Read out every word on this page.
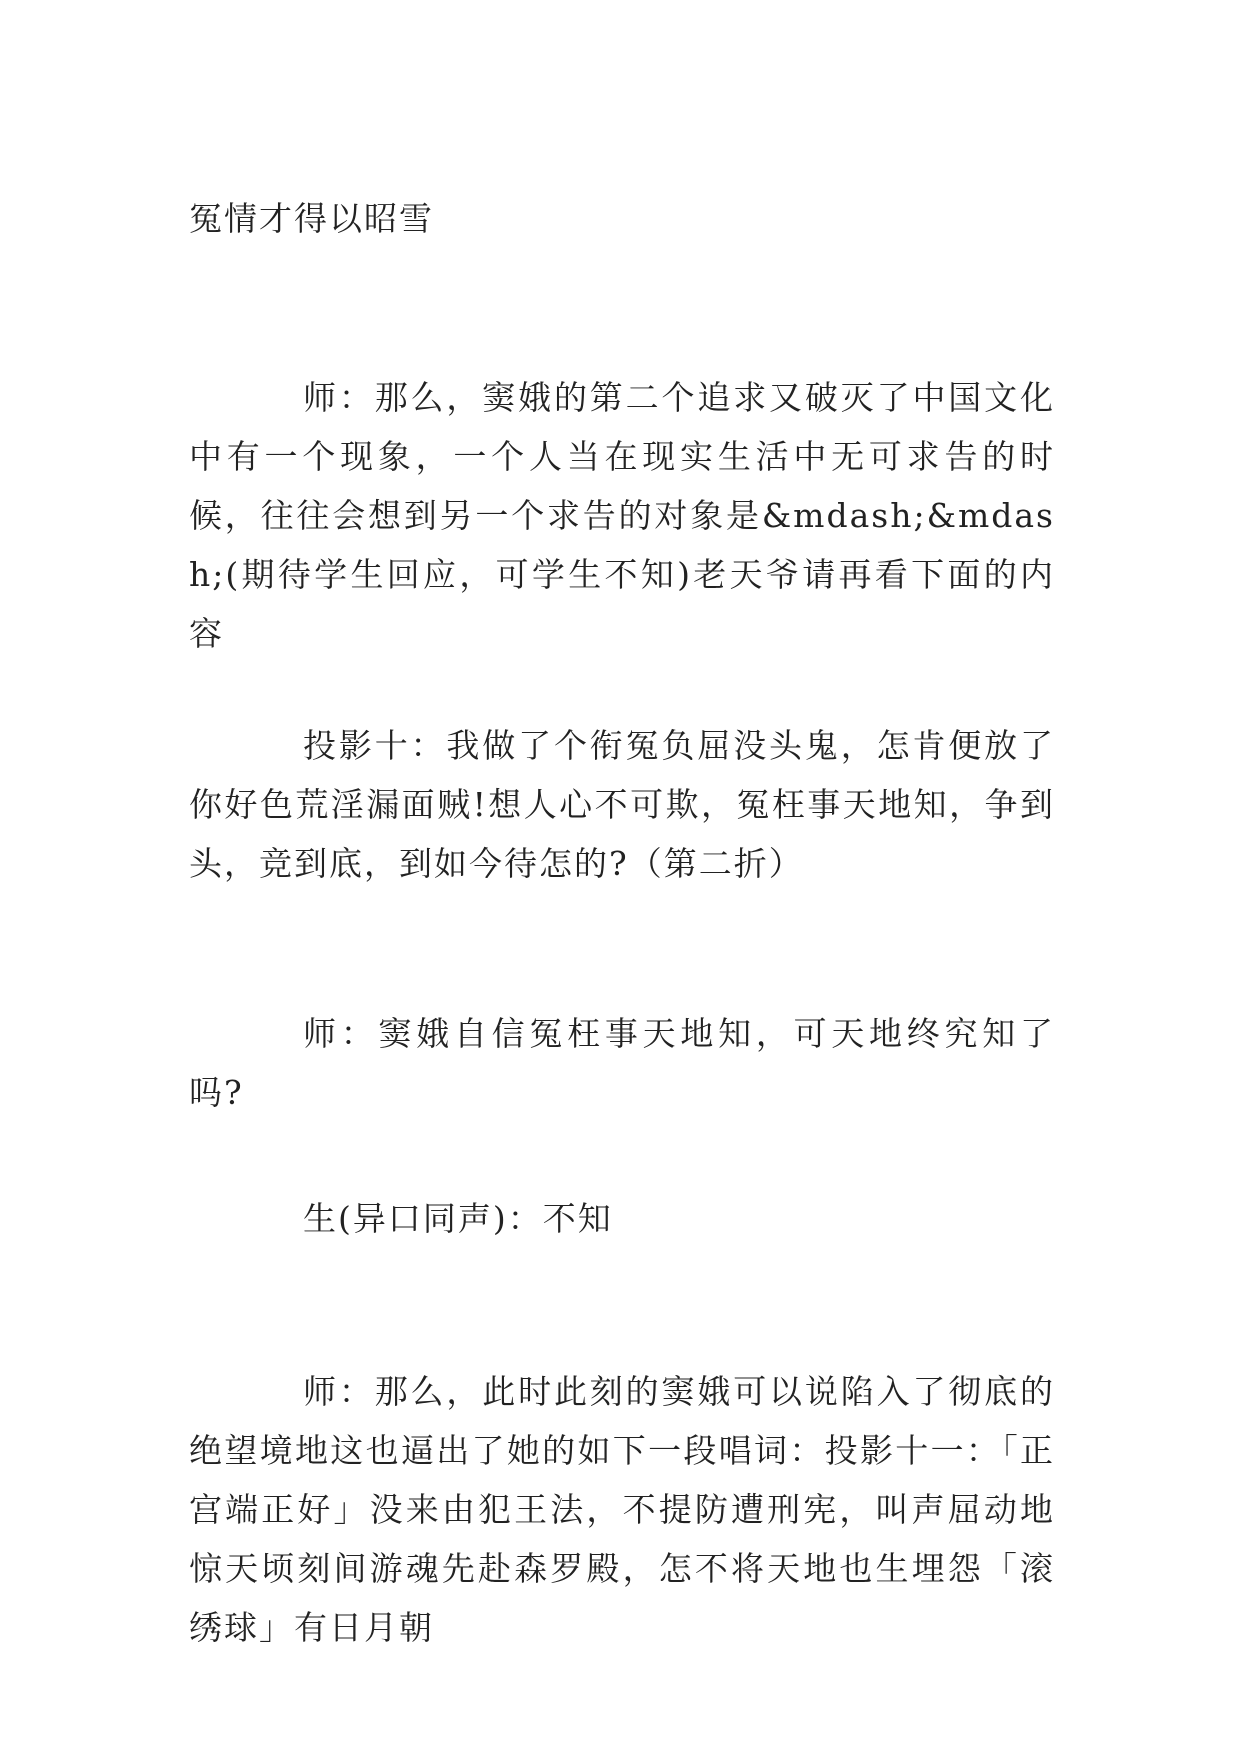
冤情才得以昭雪

师：那么，窦娥的第二个追求又破灭了中国文化中有一个现象，一个人当在现实生活中无可求告的时候，往往会想到另一个求告的对象是&mdash;&mdash;(期待学生回应，可学生不知)老天爷请再看下面的内容

投影十：我做了个衔冤负屈没头鬼，怎肯便放了你好色荒淫漏面贼!想人心不可欺，冤枉事天地知，争到头，竞到底，到如今待怎的?（第二折）

师：窦娥自信冤枉事天地知，可天地终究知了吗?

生(异口同声)：不知

师：那么，此时此刻的窦娥可以说陷入了彻底的绝望境地这也逼出了她的如下一段唱词：投影十一：「正宫端正好」没来由犯王法，不提防遭刑宪，叫声屈动地惊天顷刻间游魂先赴森罗殿，怎不将天地也生埋怨「滚绣球」有日月朝
